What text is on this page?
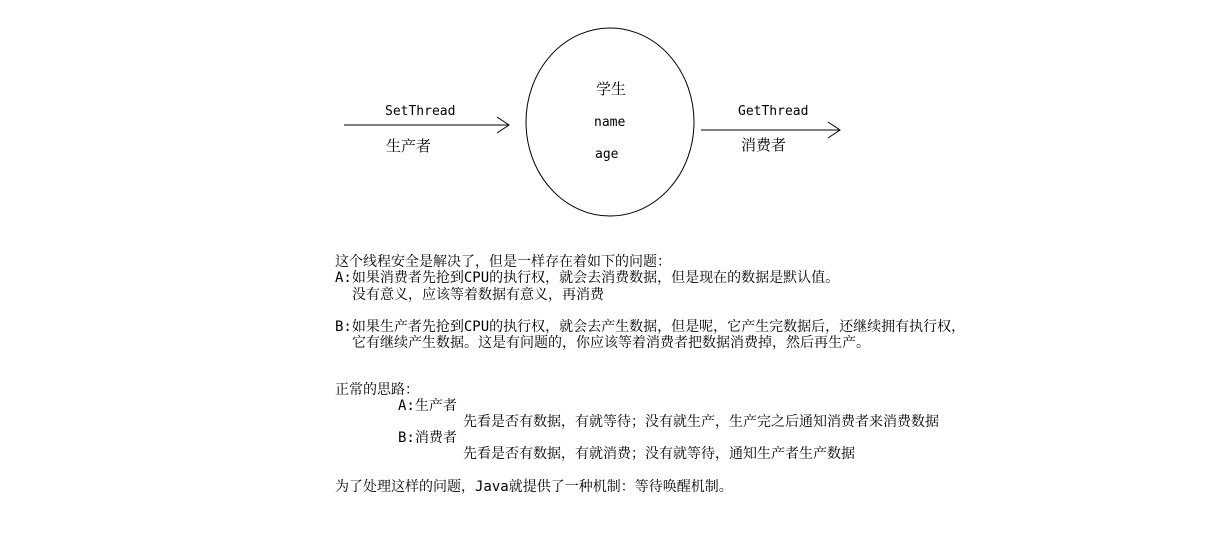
SetThread
生产者
学生
name
age
GetThread
消费者
这个线程安全是解决了，但是一样存在着如下的问题：
A:如果消费者先抢到CPU的执行权，就会去消费数据，但是现在的数据是默认值。
没有意义，应该等着数据有意义，再消费
B:如果生产者先抢到CPU的执行权，就会去产生数据，但是呢，它产生完数据后，还继续拥有执行权，
它有继续产生数据。这是有问题的，你应该等着消费者把数据消费掉，然后再生产。
正常的思路：
A:生产者
先看是否有数据，有就等待；没有就生产，生产完之后通知消费者来消费数据
B:消费者
先看是否有数据，有就消费；没有就等待，通知生产者生产数据
为了处理这样的问题，Java就提供了一种机制：等待唤醒机制。
